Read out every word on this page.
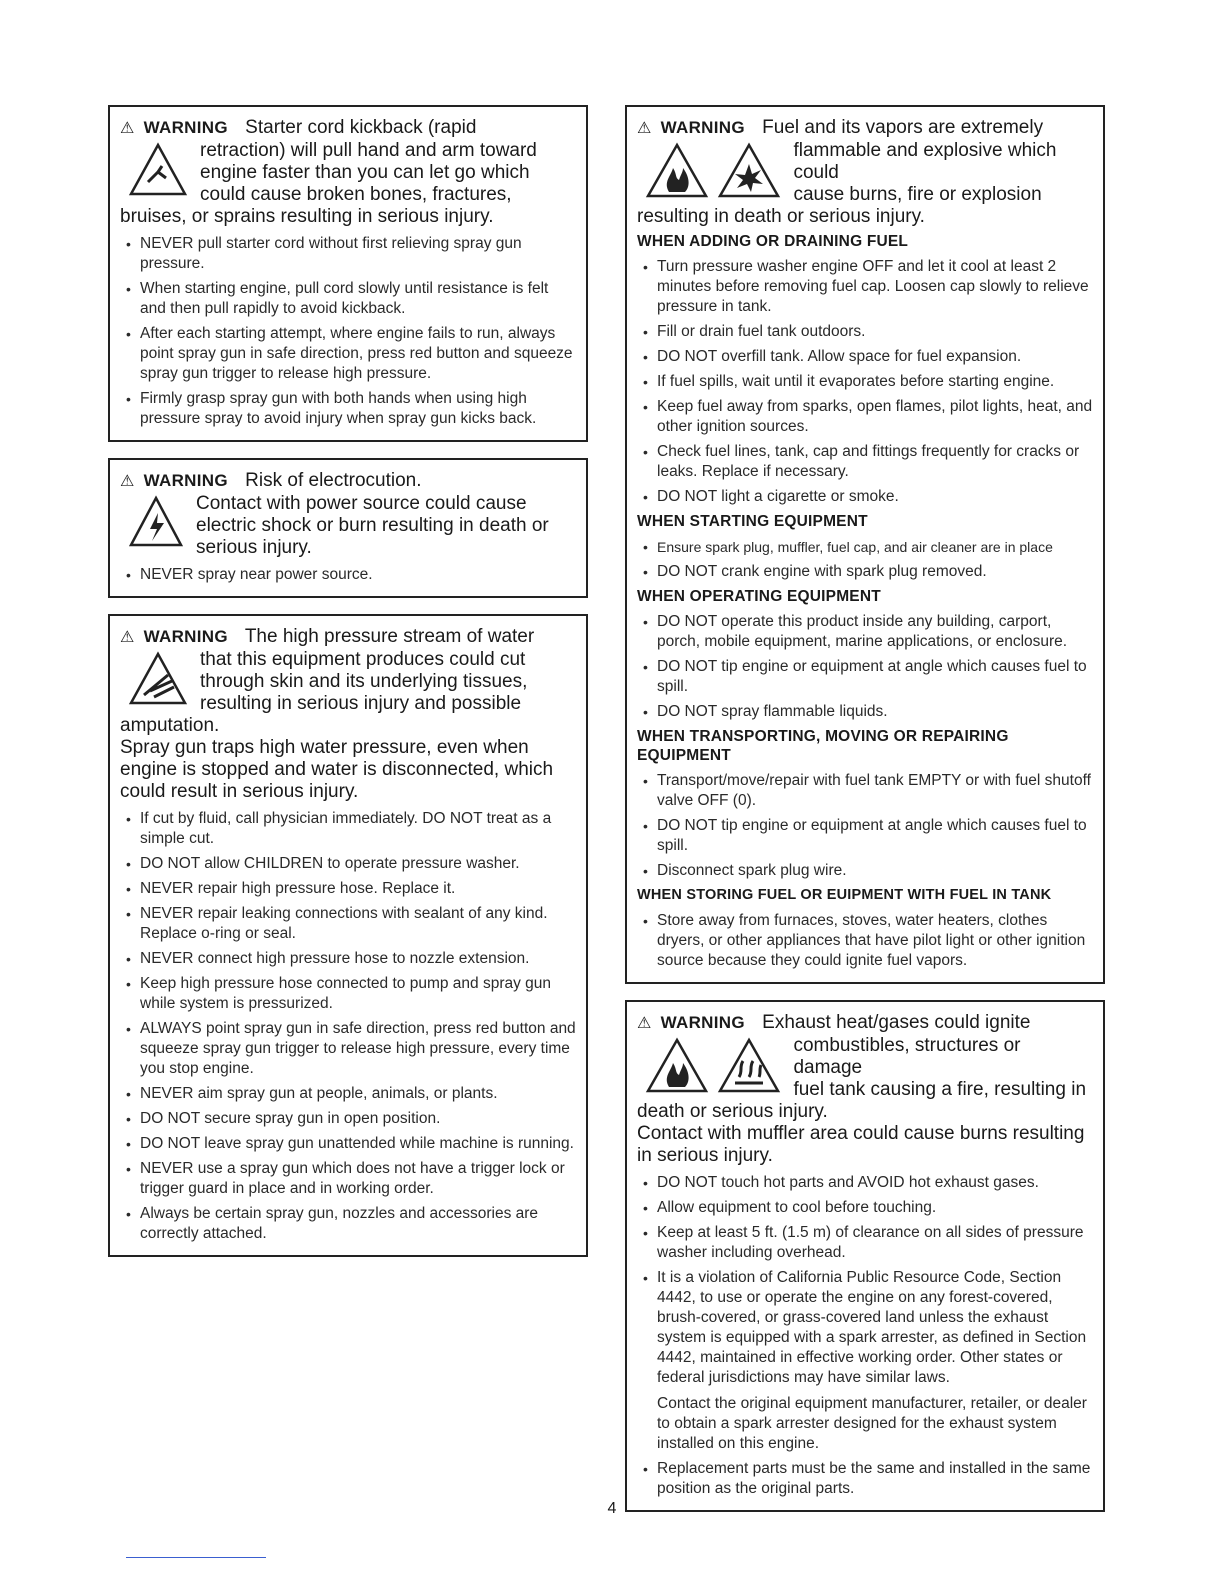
⚠ WARNING Starter cord kickback (rapid
retraction) will pull hand and arm toward
engine faster than you can let go which
could cause broken bones, fractures,
bruises, or sprains resulting in serious injury.
• NEVER pull starter cord without first relieving spray gun pressure.
• When starting engine, pull cord slowly until resistance is felt and then pull rapidly to avoid kickback.
• After each starting attempt, where engine fails to run, always point spray gun in safe direction, press red button and squeeze spray gun trigger to release high pressure.
• Firmly grasp spray gun with both hands when using high pressure spray to avoid injury when spray gun kicks back.
⚠ WARNING Risk of electrocution.
Contact with power source could cause
electric shock or burn resulting in death or
serious injury.
• NEVER spray near power source.
⚠ WARNING The high pressure stream of water
that this equipment produces could cut
through skin and its underlying tissues,
resulting in serious injury and possible
amputation.
Spray gun traps high water pressure, even when engine is stopped and water is disconnected, which could result in serious injury.
• If cut by fluid, call physician immediately. DO NOT treat as a simple cut.
• DO NOT allow CHILDREN to operate pressure washer.
• NEVER repair high pressure hose. Replace it.
• NEVER repair leaking connections with sealant of any kind. Replace o-ring or seal.
• NEVER connect high pressure hose to nozzle extension.
• Keep high pressure hose connected to pump and spray gun while system is pressurized.
• ALWAYS point spray gun in safe direction, press red button and squeeze spray gun trigger to release high pressure, every time you stop engine.
• NEVER aim spray gun at people, animals, or plants.
• DO NOT secure spray gun in open position.
• DO NOT leave spray gun unattended while machine is running.
• NEVER use a spray gun which does not have a trigger lock or trigger guard in place and in working order.
• Always be certain spray gun, nozzles and accessories are correctly attached.
⚠ WARNING Fuel and its vapors are extremely

flammable and explosive which could
cause burns, fire or explosion
resulting in death or serious injury.
WHEN ADDING OR DRAINING FUEL
• Turn pressure washer engine OFF and let it cool at least 2 minutes before removing fuel cap. Loosen cap slowly to relieve pressure in tank.
• Fill or drain fuel tank outdoors.
• DO NOT overfill tank. Allow space for fuel expansion.
• If fuel spills, wait until it evaporates before starting engine.
• Keep fuel away from sparks, open flames, pilot lights, heat, and other ignition sources.
• Check fuel lines, tank, cap and fittings frequently for cracks or leaks. Replace if necessary.
• DO NOT light a cigarette or smoke.
WHEN STARTING EQUIPMENT
• Ensure spark plug, muffler, fuel cap, and air cleaner are in place
• DO NOT crank engine with spark plug removed.
WHEN OPERATING EQUIPMENT
• DO NOT operate this product inside any building, carport, porch, mobile equipment, marine applications, or enclosure.
• DO NOT tip engine or equipment at angle which causes fuel to spill.
• DO NOT spray flammable liquids.
WHEN TRANSPORTING, MOVING OR REPAIRING EQUIPMENT
• Transport/move/repair with fuel tank EMPTY or with fuel shutoff valve OFF (0).
• DO NOT tip engine or equipment at angle which causes fuel to spill.
• Disconnect spark plug wire.
WHEN STORING FUEL OR EUIPMENT WITH FUEL IN TANK
• Store away from furnaces, stoves, water heaters, clothes dryers, or other appliances that have pilot light or other ignition source because they could ignite fuel vapors.
⚠ WARNING Exhaust heat/gases could ignite

combustibles, structures or damage
fuel tank causing a fire, resulting in
death or serious injury.
Contact with muffler area could cause burns resulting in serious injury.
• DO NOT touch hot parts and AVOID hot exhaust gases.
• Allow equipment to cool before touching.
• Keep at least 5 ft. (1.5 m) of clearance on all sides of pressure washer including overhead.
• It is a violation of California Public Resource Code, Section 4442, to use or operate the engine on any forest-covered, brush-covered, or grass-covered land unless the exhaust system is equipped with a spark arrester, as defined in Section 4442, maintained in effective working order. Other states or federal jurisdictions may have similar laws.
Contact the original equipment manufacturer, retailer, or dealer to obtain a spark arrester designed for the exhaust system installed on this engine.
• Replacement parts must be the same and installed in the same position as the original parts.
4
